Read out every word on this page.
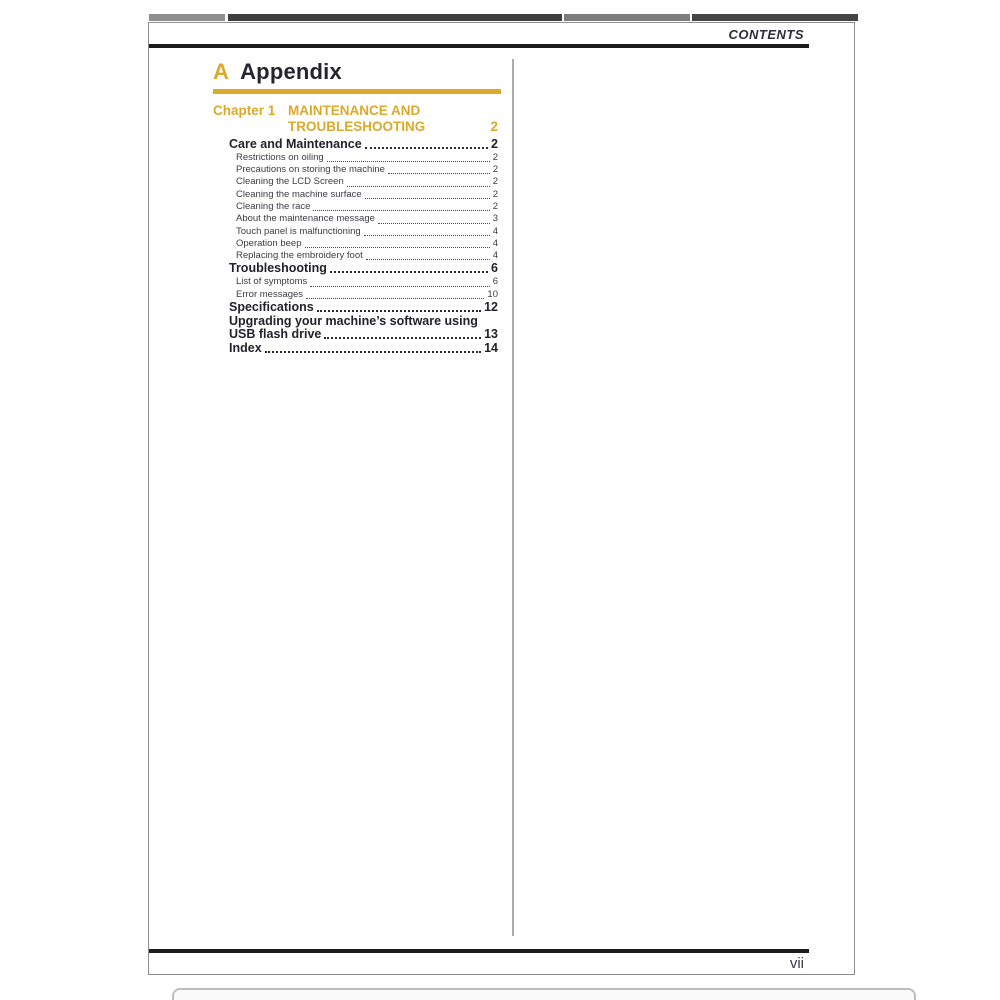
CONTENTS
A Appendix
Chapter 1 MAINTENANCE AND
TROUBLESHOOTING	2
Care and Maintenance	2
Restrictions on oiling	2
Precautions on storing the machine	2
Cleaning the LCD Screen	2
Cleaning the machine surface	2
Cleaning the race	2
About the maintenance message	3
Touch panel is malfunctioning	4
Operation beep	4
Replacing the embroidery foot	4
Troubleshooting	6
List of symptoms	6
Error messages	10
Specifications	12
Upgrading your machine’s software using
USB flash drive	13
Index	14
vii
